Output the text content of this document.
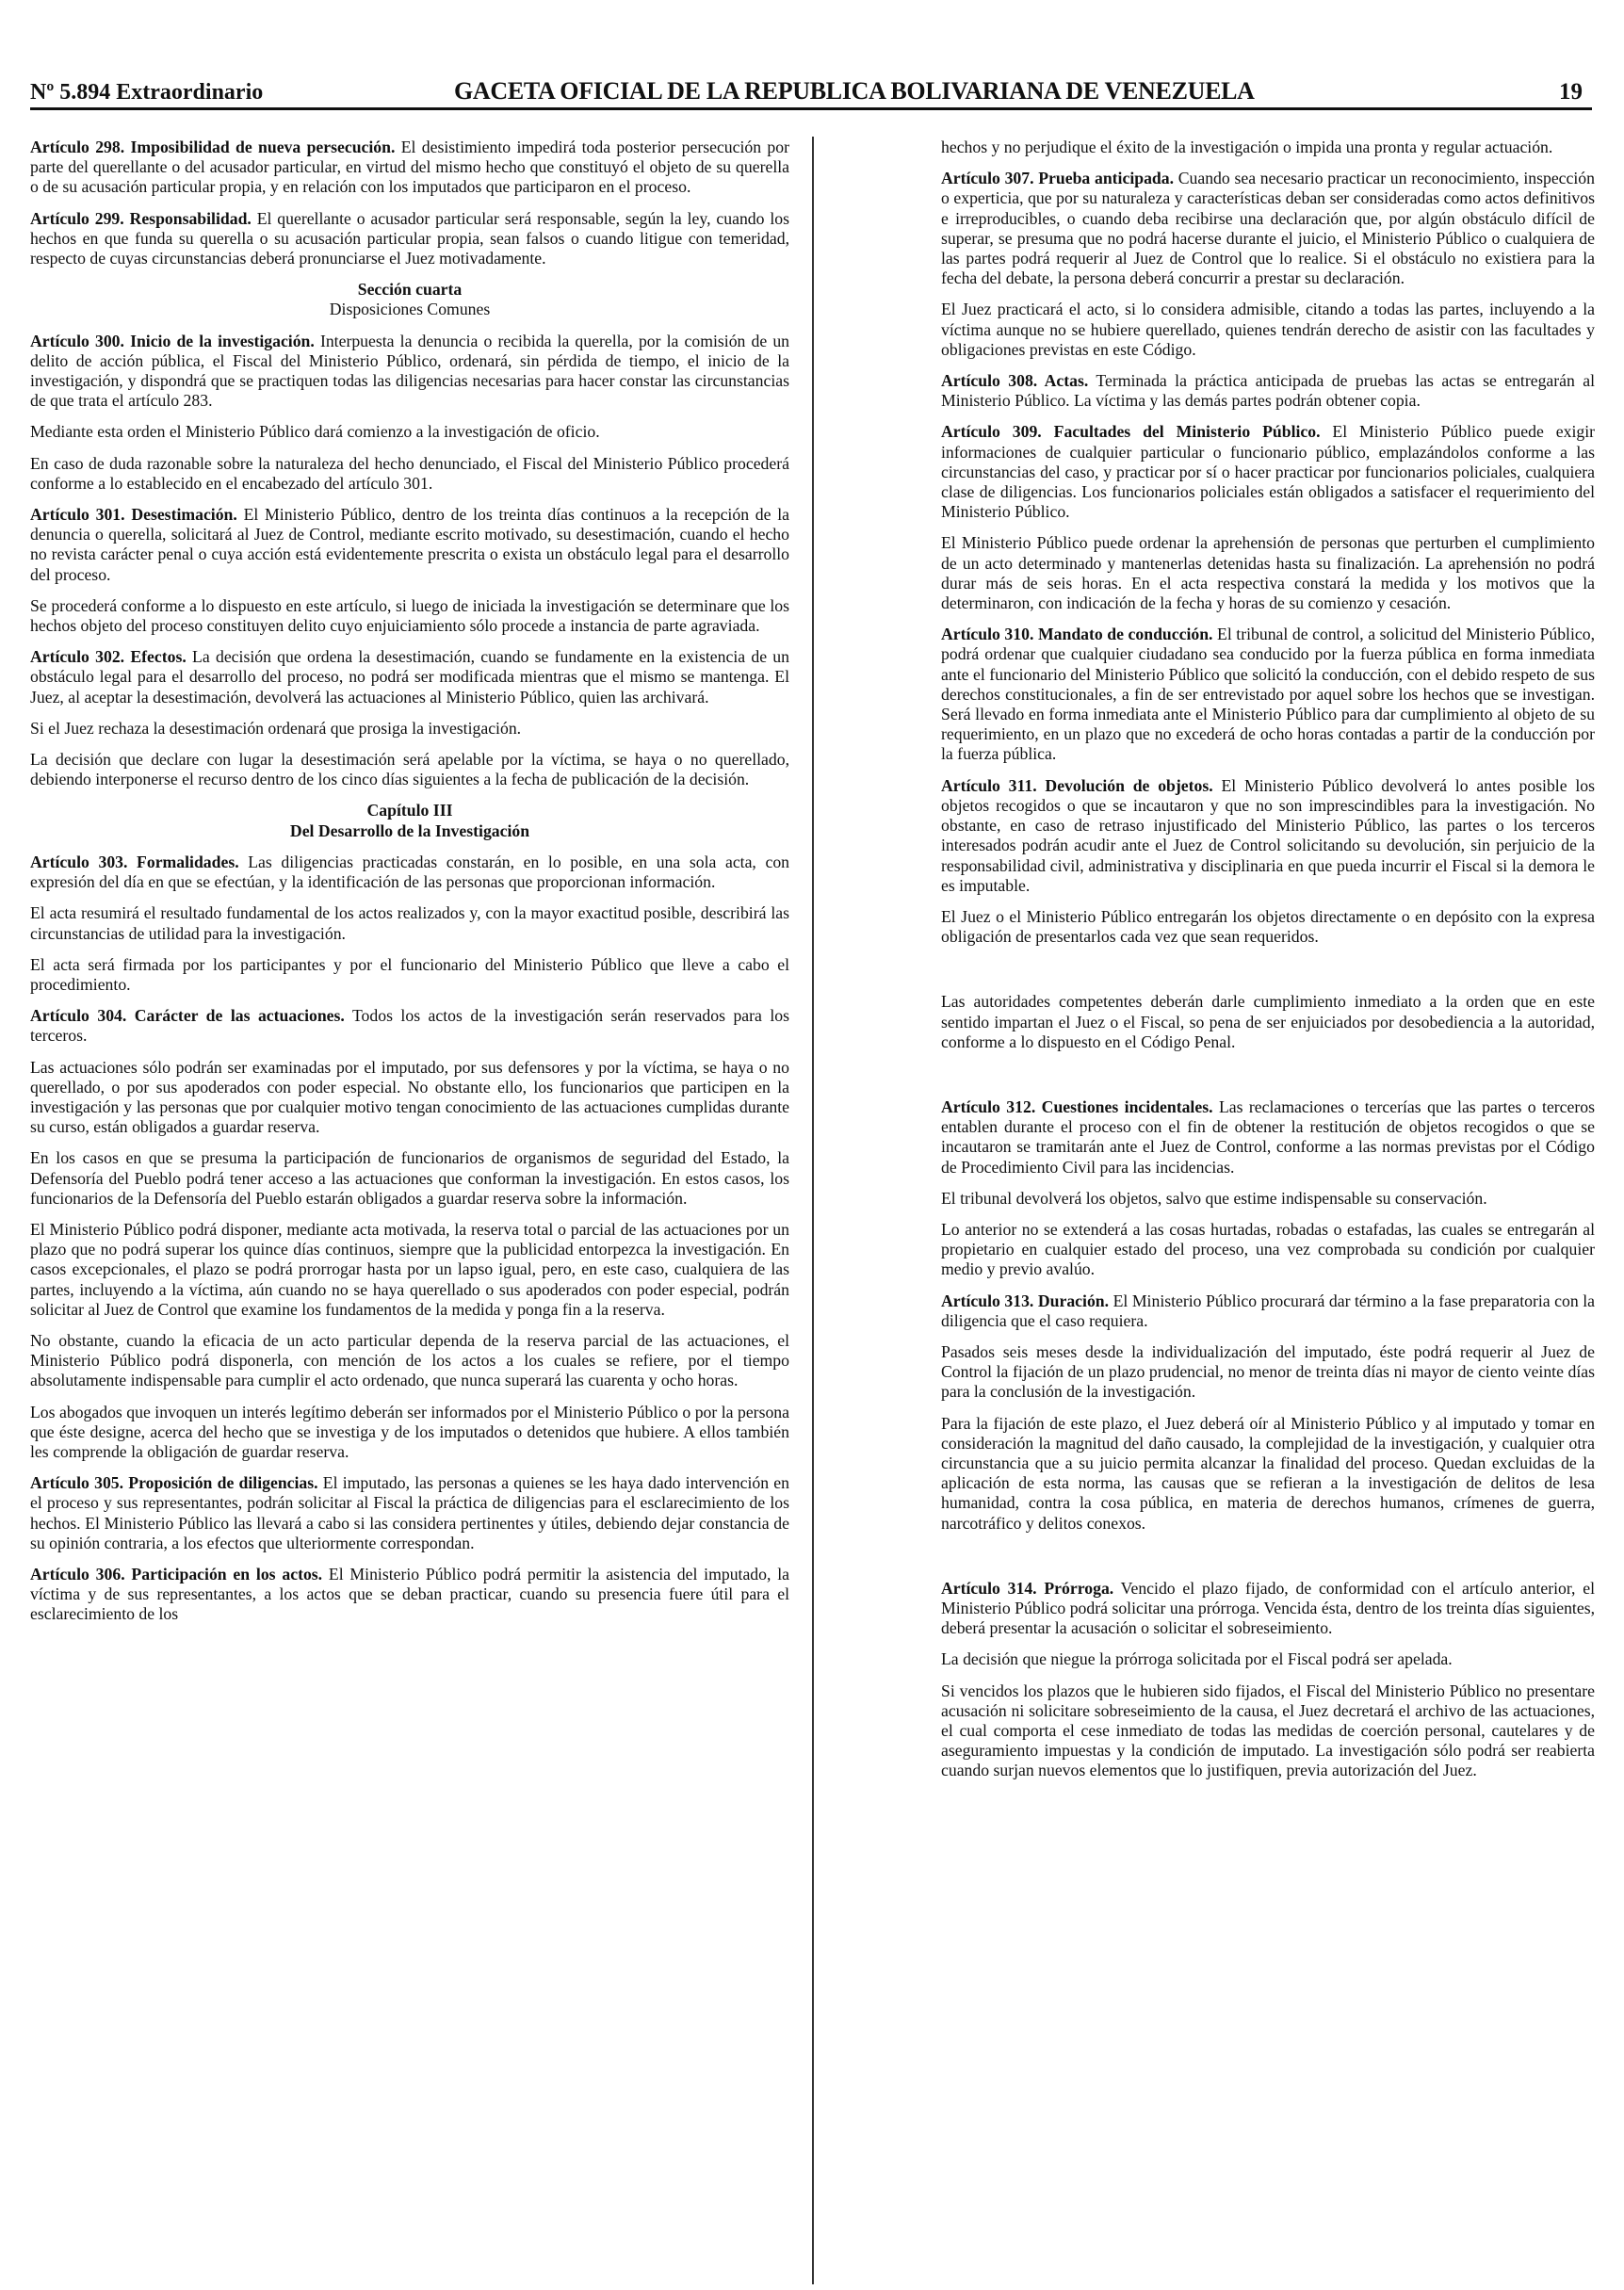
Nº 5.894 Extraordinario	GACETA OFICIAL DE LA REPUBLICA BOLIVARIANA DE VENEZUELA	19

Artículo 298. Imposibilidad de nueva persecución. El desistimiento impedirá toda posterior persecución por parte del querellante o del acusador particular, en virtud del mismo hecho que constituyó el objeto de su querella o de su acusación particular propia, y en relación con los imputados que participaron en el proceso.

Artículo 299. Responsabilidad. El querellante o acusador particular será responsable, según la ley, cuando los hechos en que funda su querella o su acusación particular propia, sean falsos o cuando litigue con temeridad, respecto de cuyas circunstancias deberá pronunciarse el Juez motivadamente.

Sección cuarta
Disposiciones Comunes

Artículo 300. Inicio de la investigación. Interpuesta la denuncia o recibida la querella, por la comisión de un delito de acción pública, el Fiscal del Ministerio Público, ordenará, sin pérdida de tiempo, el inicio de la investigación, y dispondrá que se practiquen todas las diligencias necesarias para hacer constar las circunstancias de que trata el artículo 283.

Mediante esta orden el Ministerio Público dará comienzo a la investigación de oficio.

En caso de duda razonable sobre la naturaleza del hecho denunciado, el Fiscal del Ministerio Público procederá conforme a lo establecido en el encabezado del artículo 301.

Artículo 301. Desestimación. El Ministerio Público, dentro de los treinta días continuos a la recepción de la denuncia o querella, solicitará al Juez de Control, mediante escrito motivado, su desestimación, cuando el hecho no revista carácter penal o cuya acción está evidentemente prescrita o exista un obstáculo legal para el desarrollo del proceso.

Se procederá conforme a lo dispuesto en este artículo, si luego de iniciada la investigación se determinare que los hechos objeto del proceso constituyen delito cuyo enjuiciamiento sólo procede a instancia de parte agraviada.

Artículo 302. Efectos. La decisión que ordena la desestimación, cuando se fundamente en la existencia de un obstáculo legal para el desarrollo del proceso, no podrá ser modificada mientras que el mismo se mantenga. El Juez, al aceptar la desestimación, devolverá las actuaciones al Ministerio Público, quien las archivará.

Si el Juez rechaza la desestimación ordenará que prosiga la investigación.

La decisión que declare con lugar la desestimación será apelable por la víctima, se haya o no querellado, debiendo interponerse el recurso dentro de los cinco días siguientes a la fecha de publicación de la decisión.

Capítulo III
Del Desarrollo de la Investigación

Artículo 303. Formalidades. Las diligencias practicadas constarán, en lo posible, en una sola acta, con expresión del día en que se efectúan, y la identificación de las personas que proporcionan información.

El acta resumirá el resultado fundamental de los actos realizados y, con la mayor exactitud posible, describirá las circunstancias de utilidad para la investigación.

El acta será firmada por los participantes y por el funcionario del Ministerio Público que lleve a cabo el procedimiento.

Artículo 304. Carácter de las actuaciones. Todos los actos de la investigación serán reservados para los terceros.

Las actuaciones sólo podrán ser examinadas por el imputado, por sus defensores y por la víctima, se haya o no querellado, o por sus apoderados con poder especial. No obstante ello, los funcionarios que participen en la investigación y las personas que por cualquier motivo tengan conocimiento de las actuaciones cumplidas durante su curso, están obligados a guardar reserva.

En los casos en que se presuma la participación de funcionarios de organismos de seguridad del Estado, la Defensoría del Pueblo podrá tener acceso a las actuaciones que conforman la investigación. En estos casos, los funcionarios de la Defensoría del Pueblo estarán obligados a guardar reserva sobre la información.

El Ministerio Público podrá disponer, mediante acta motivada, la reserva total o parcial de las actuaciones por un plazo que no podrá superar los quince días continuos, siempre que la publicidad entorpezca la investigación. En casos excepcionales, el plazo se podrá prorrogar hasta por un lapso igual, pero, en este caso, cualquiera de las partes, incluyendo a la víctima, aún cuando no se haya querellado o sus apoderados con poder especial, podrán solicitar al Juez de Control que examine los fundamentos de la medida y ponga fin a la reserva.

No obstante, cuando la eficacia de un acto particular dependa de la reserva parcial de las actuaciones, el Ministerio Público podrá disponerla, con mención de los actos a los cuales se refiere, por el tiempo absolutamente indispensable para cumplir el acto ordenado, que nunca superará las cuarenta y ocho horas.

Los abogados que invoquen un interés legítimo deberán ser informados por el Ministerio Público o por la persona que éste designe, acerca del hecho que se investiga y de los imputados o detenidos que hubiere. A ellos también les comprende la obligación de guardar reserva.

Artículo 305. Proposición de diligencias. El imputado, las personas a quienes se les haya dado intervención en el proceso y sus representantes, podrán solicitar al Fiscal la práctica de diligencias para el esclarecimiento de los hechos. El Ministerio Público las llevará a cabo si las considera pertinentes y útiles, debiendo dejar constancia de su opinión contraria, a los efectos que ulteriormente correspondan.

Artículo 306. Participación en los actos. El Ministerio Público podrá permitir la asistencia del imputado, la víctima y de sus representantes, a los actos que se deban practicar, cuando su presencia fuere útil para el esclarecimiento de los

hechos y no perjudique el éxito de la investigación o impida una pronta y regular actuación.

Artículo 307. Prueba anticipada. Cuando sea necesario practicar un reconocimiento, inspección o experticia, que por su naturaleza y características deban ser consideradas como actos definitivos e irreproducibles, o cuando deba recibirse una declaración que, por algún obstáculo difícil de superar, se presuma que no podrá hacerse durante el juicio, el Ministerio Público o cualquiera de las partes podrá requerir al Juez de Control que lo realice. Si el obstáculo no existiera para la fecha del debate, la persona deberá concurrir a prestar su declaración.

El Juez practicará el acto, si lo considera admisible, citando a todas las partes, incluyendo a la víctima aunque no se hubiere querellado, quienes tendrán derecho de asistir con las facultades y obligaciones previstas en este Código.

Artículo 308. Actas. Terminada la práctica anticipada de pruebas las actas se entregarán al Ministerio Público. La víctima y las demás partes podrán obtener copia.

Artículo 309. Facultades del Ministerio Público. El Ministerio Público puede exigir informaciones de cualquier particular o funcionario público, emplazándolos conforme a las circunstancias del caso, y practicar por sí o hacer practicar por funcionarios policiales, cualquiera clase de diligencias. Los funcionarios policiales están obligados a satisfacer el requerimiento del Ministerio Público.

El Ministerio Público puede ordenar la aprehensión de personas que perturben el cumplimiento de un acto determinado y mantenerlas detenidas hasta su finalización. La aprehensión no podrá durar más de seis horas. En el acta respectiva constará la medida y los motivos que la determinaron, con indicación de la fecha y horas de su comienzo y cesación.

Artículo 310. Mandato de conducción. El tribunal de control, a solicitud del Ministerio Público, podrá ordenar que cualquier ciudadano sea conducido por la fuerza pública en forma inmediata ante el funcionario del Ministerio Público que solicitó la conducción, con el debido respeto de sus derechos constitucionales, a fin de ser entrevistado por aquel sobre los hechos que se investigan. Será llevado en forma inmediata ante el Ministerio Público para dar cumplimiento al objeto de su requerimiento, en un plazo que no excederá de ocho horas contadas a partir de la conducción por la fuerza pública.

Artículo 311. Devolución de objetos. El Ministerio Público devolverá lo antes posible los objetos recogidos o que se incautaron y que no son imprescindibles para la investigación. No obstante, en caso de retraso injustificado del Ministerio Público, las partes o los terceros interesados podrán acudir ante el Juez de Control solicitando su devolución, sin perjuicio de la responsabilidad civil, administrativa y disciplinaria en que pueda incurrir el Fiscal si la demora le es imputable.

El Juez o el Ministerio Público entregarán los objetos directamente o en depósito con la expresa obligación de presentarlos cada vez que sean requeridos.

Las autoridades competentes deberán darle cumplimiento inmediato a la orden que en este sentido impartan el Juez o el Fiscal, so pena de ser enjuiciados por desobediencia a la autoridad, conforme a lo dispuesto en el Código Penal.

Artículo 312. Cuestiones incidentales. Las reclamaciones o tercerías que las partes o terceros entablen durante el proceso con el fin de obtener la restitución de objetos recogidos o que se incautaron se tramitarán ante el Juez de Control, conforme a las normas previstas por el Código de Procedimiento Civil para las incidencias.

El tribunal devolverá los objetos, salvo que estime indispensable su conservación.

Lo anterior no se extenderá a las cosas hurtadas, robadas o estafadas, las cuales se entregarán al propietario en cualquier estado del proceso, una vez comprobada su condición por cualquier medio y previo avalúo.

Artículo 313. Duración. El Ministerio Público procurará dar término a la fase preparatoria con la diligencia que el caso requiera.

Pasados seis meses desde la individualización del imputado, éste podrá requerir al Juez de Control la fijación de un plazo prudencial, no menor de treinta días ni mayor de ciento veinte días para la conclusión de la investigación.

Para la fijación de este plazo, el Juez deberá oír al Ministerio Público y al imputado y tomar en consideración la magnitud del daño causado, la complejidad de la investigación, y cualquier otra circunstancia que a su juicio permita alcanzar la finalidad del proceso. Quedan excluidas de la aplicación de esta norma, las causas que se refieran a la investigación de delitos de lesa humanidad, contra la cosa pública, en materia de derechos humanos, crímenes de guerra, narcotráfico y delitos conexos.

Artículo 314. Prórroga. Vencido el plazo fijado, de conformidad con el artículo anterior, el Ministerio Público podrá solicitar una prórroga. Vencida ésta, dentro de los treinta días siguientes, deberá presentar la acusación o solicitar el sobreseimiento.

La decisión que niegue la prórroga solicitada por el Fiscal podrá ser apelada.

Si vencidos los plazos que le hubieren sido fijados, el Fiscal del Ministerio Público no presentare acusación ni solicitare sobreseimiento de la causa, el Juez decretará el archivo de las actuaciones, el cual comporta el cese inmediato de todas las medidas de coerción personal, cautelares y de aseguramiento impuestas y la condición de imputado. La investigación sólo podrá ser reabierta cuando surjan nuevos elementos que lo justifiquen, previa autorización del Juez.
